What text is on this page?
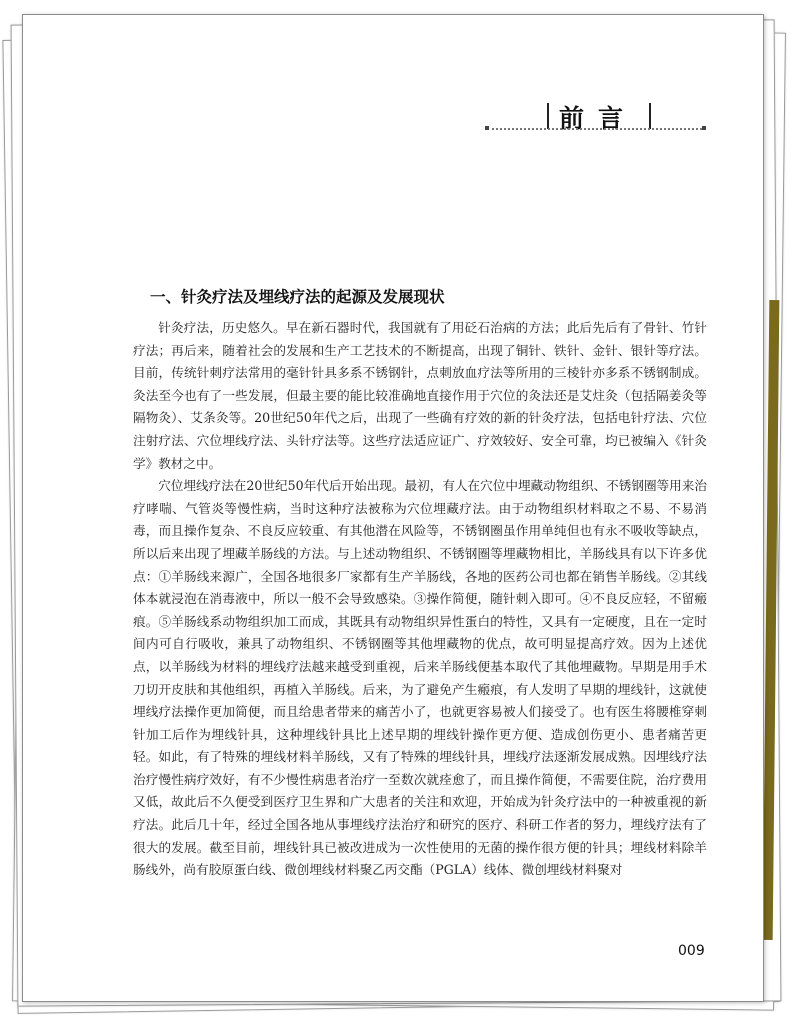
前言
一、针灸疗法及埋线疗法的起源及发展现状

针灸疗法，历史悠久。早在新石器时代，我国就有了用砭石治病的方法；此后先后有了骨针、竹针疗法；再后来，随着社会的发展和生产工艺技术的不断提高，出现了铜针、铁针、金针、银针等疗法。目前，传统针刺疗法常用的毫针针具多系不锈钢针，点刺放血疗法等所用的三棱针亦多系不锈钢制成。灸法至今也有了一些发展，但最主要的能比较准确地直接作用于穴位的灸法还是艾炷灸（包括隔姜灸等隔物灸）、艾条灸等。20世纪50年代之后，出现了一些确有疗效的新的针灸疗法，包括电针疗法、穴位注射疗法、穴位埋线疗法、头针疗法等。这些疗法适应证广、疗效较好、安全可靠，均已被编入《针灸学》教材之中。

穴位埋线疗法在20世纪50年代后开始出现。最初，有人在穴位中埋藏动物组织、不锈钢圈等用来治疗哮喘、气管炎等慢性病，当时这种疗法被称为穴位埋藏疗法。由于动物组织材料取之不易、不易消毒，而且操作复杂、不良反应较重、有其他潜在风险等，不锈钢圈虽作用单纯但也有永不吸收等缺点，所以后来出现了埋藏羊肠线的方法。与上述动物组织、不锈钢圈等埋藏物相比，羊肠线具有以下许多优点：①羊肠线来源广，全国各地很多厂家都有生产羊肠线，各地的医药公司也都在销售羊肠线。②其线体本就浸泡在消毒液中，所以一般不会导致感染。③操作简便，随针刺入即可。④不良反应轻，不留瘢痕。⑤羊肠线系动物组织加工而成，其既具有动物组织异性蛋白的特性，又具有一定硬度，且在一定时间内可自行吸收，兼具了动物组织、不锈钢圈等其他埋藏物的优点，故可明显提高疗效。因为上述优点，以羊肠线为材料的埋线疗法越来越受到重视，后来羊肠线便基本取代了其他埋藏物。早期是用手术刀切开皮肤和其他组织，再植入羊肠线。后来，为了避免产生瘢痕，有人发明了早期的埋线针，这就使埋线疗法操作更加简便，而且给患者带来的痛苦小了，也就更容易被人们接受了。也有医生将腰椎穿刺针加工后作为埋线针具，这种埋线针具比上述早期的埋线针操作更方便、造成创伤更小、患者痛苦更轻。如此，有了特殊的埋线材料羊肠线，又有了特殊的埋线针具，埋线疗法逐渐发展成熟。因埋线疗法治疗慢性病疗效好，有不少慢性病患者治疗一至数次就痊愈了，而且操作简便，不需要住院，治疗费用又低，故此后不久便受到医疗卫生界和广大患者的关注和欢迎，开始成为针灸疗法中的一种被重视的新疗法。此后几十年，经过全国各地从事埋线疗法治疗和研究的医疗、科研工作者的努力，埋线疗法有了很大的发展。截至目前，埋线针具已被改进成为一次性使用的无菌的操作很方便的针具；埋线材料除羊肠线外，尚有胶原蛋白线、微创埋线材料聚乙丙交酯（PGLA）线体、微创埋线材料聚对

009
